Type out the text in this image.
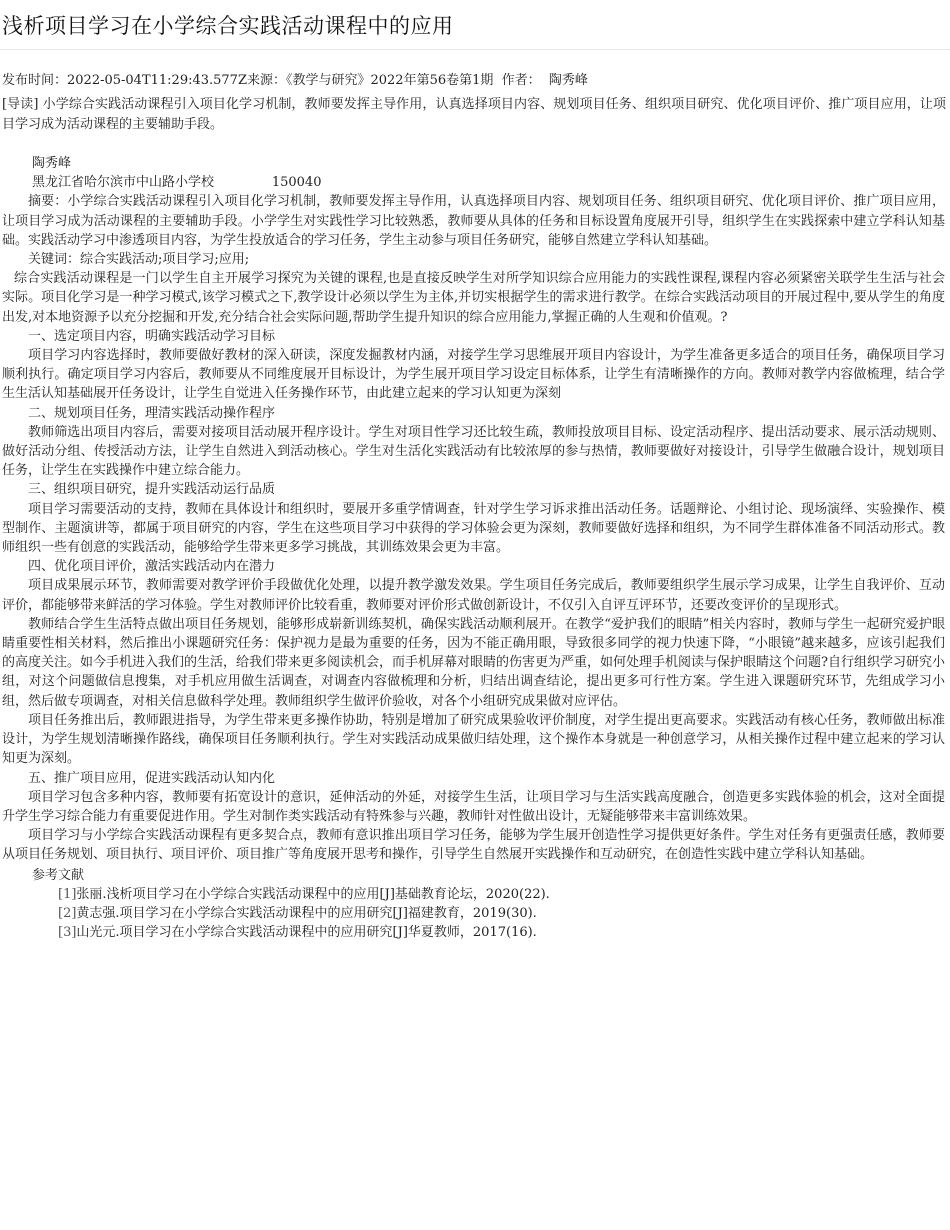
浅析项目学习在小学综合实践活动课程中的应用
发布时间：2022-05-04T11:29:43.577Z来源：《教学与研究》2022年第56卷第1期  作者：  陶秀峰
[导读] 小学综合实践活动课程引入项目化学习机制，教师要发挥主导作用，认真选择项目内容、规划项目任务、组织项目研究、优化项目评价、推广项目应用，让项目学习成为活动课程的主要辅助手段。

陶秀峰

黑龙江省哈尔滨市中山路小学校              150040

摘要：小学综合实践活动课程引入项目化学习机制，教师要发挥主导作用，认真选择项目内容、规划项目任务、组织项目研究、优化项目评价、推广项目应用，让项目学习成为活动课程的主要辅助手段。小学学生对实践性学习比较熟悉，教师要从具体的任务和目标设置角度展开引导，组织学生在实践探索中建立学科认知基础。实践活动学习中渗透项目内容，为学生投放适合的学习任务，学生主动参与项目任务研究，能够自然建立学科认知基础。

关键词：综合实践活动;项目学习;应用;

综合实践活动课程是一门以学生自主开展学习探究为关键的课程,也是直接反映学生对所学知识综合应用能力的实践性课程,课程内容必须紧密关联学生生活与社会实际。项目化学习是一种学习模式,该学习模式之下,教学设计必须以学生为主体,并切实根据学生的需求进行教学。在综合实践活动项目的开展过程中,要从学生的角度出发,对本地资源予以充分挖掘和开发,充分结合社会实际问题,帮助学生提升知识的综合应用能力,掌握正确的人生观和价值观。?

一、选定项目内容，明确实践活动学习目标

项目学习内容选择时，教师要做好教材的深入研读，深度发掘教材内涵，对接学生学习思维展开项目内容设计，为学生准备更多适合的项目任务，确保项目学习顺利执行。确定项目学习内容后，教师要从不同维度展开目标设计，为学生展开项目学习设定目标体系，让学生有清晰操作的方向。教师对教学内容做梳理，结合学生生活认知基础展开任务设计，让学生自觉进入任务操作环节，由此建立起来的学习认知更为深刻

二、规划项目任务，理清实践活动操作程序

教师筛选出项目内容后，需要对接项目活动展开程序设计。学生对项目性学习还比较生疏，教师投放项目目标、设定活动程序、提出活动要求、展示活动规则、做好活动分组、传授活动方法，让学生自然进入到活动核心。学生对生活化实践活动有比较浓厚的参与热情，教师要做好对接设计，引导学生做融合设计，规划项目任务，让学生在实践操作中建立综合能力。

三、组织项目研究，提升实践活动运行品质

项目学习需要活动的支持，教师在具体设计和组织时，要展开多重学情调查，针对学生学习诉求推出活动任务。话题辩论、小组讨论、现场演绎、实验操作、模型制作、主题演讲等，都属于项目研究的内容，学生在这些项目学习中获得的学习体验会更为深刻，教师要做好选择和组织，为不同学生群体准备不同活动形式。教师组织一些有创意的实践活动，能够给学生带来更多学习挑战，其训练效果会更为丰富。

四、优化项目评价，激活实践活动内在潜力

项目成果展示环节，教师需要对教学评价手段做优化处理，以提升教学激发效果。学生项目任务完成后，教师要组织学生展示学习成果，让学生自我评价、互动评价，都能够带来鲜活的学习体验。学生对教师评价比较看重，教师要对评价形式做创新设计，不仅引入自评互评环节，还要改变评价的呈现形式。

教师结合学生生活特点做出项目任务规划，能够形成崭新训练契机，确保实践活动顺利展开。在教学“爱护我们的眼睛”相关内容时，教师与学生一起研究爱护眼睛重要性相关材料，然后推出小课题研究任务：保护视力是最为重要的任务，因为不能正确用眼，导致很多同学的视力快速下降，“小眼镜”越来越多，应该引起我们的高度关注。如今手机进入我们的生活，给我们带来更多阅读机会，而手机屏幕对眼睛的伤害更为严重，如何处理手机阅读与保护眼睛这个问题?自行组织学习研究小组，对这个问题做信息搜集，对手机应用做生活调查，对调查内容做梳理和分析，归结出调查结论，提出更多可行性方案。学生进入课题研究环节，先组成学习小组，然后做专项调查，对相关信息做科学处理。教师组织学生做评价验收，对各个小组研究成果做对应评估。

项目任务推出后，教师跟进指导，为学生带来更多操作协助，特别是增加了研究成果验收评价制度，对学生提出更高要求。实践活动有核心任务，教师做出标准设计，为学生规划清晰操作路线，确保项目任务顺利执行。学生对实践活动成果做归结处理，这个操作本身就是一种创意学习，从相关操作过程中建立起来的学习认知更为深刻。

五、推广项目应用，促进实践活动认知内化

项目学习包含多种内容，教师要有拓宽设计的意识，延伸活动的外延，对接学生生活，让项目学习与生活实践高度融合，创造更多实践体验的机会，这对全面提升学生学习综合能力有重要促进作用。学生对制作类实践活动有特殊参与兴趣，教师针对性做出设计，无疑能够带来丰富训练效果。

项目学习与小学综合实践活动课程有更多契合点，教师有意识推出项目学习任务，能够为学生展开创造性学习提供更好条件。学生对任务有更强责任感，教师要从项目任务规划、项目执行、项目评价、项目推广等角度展开思考和操作，引导学生自然展开实践操作和互动研究，在创造性实践中建立学科认知基础。

参考文献

[1]张丽.浅析项目学习在小学综合实践活动课程中的应用[J]基础教育论坛，2020(22).

[2]黄志强.项目学习在小学综合实践活动课程中的应用研究[J]福建教育，2019(30).

[3]山光元.项目学习在小学综合实践活动课程中的应用研究[J]华夏教师，2017(16).
